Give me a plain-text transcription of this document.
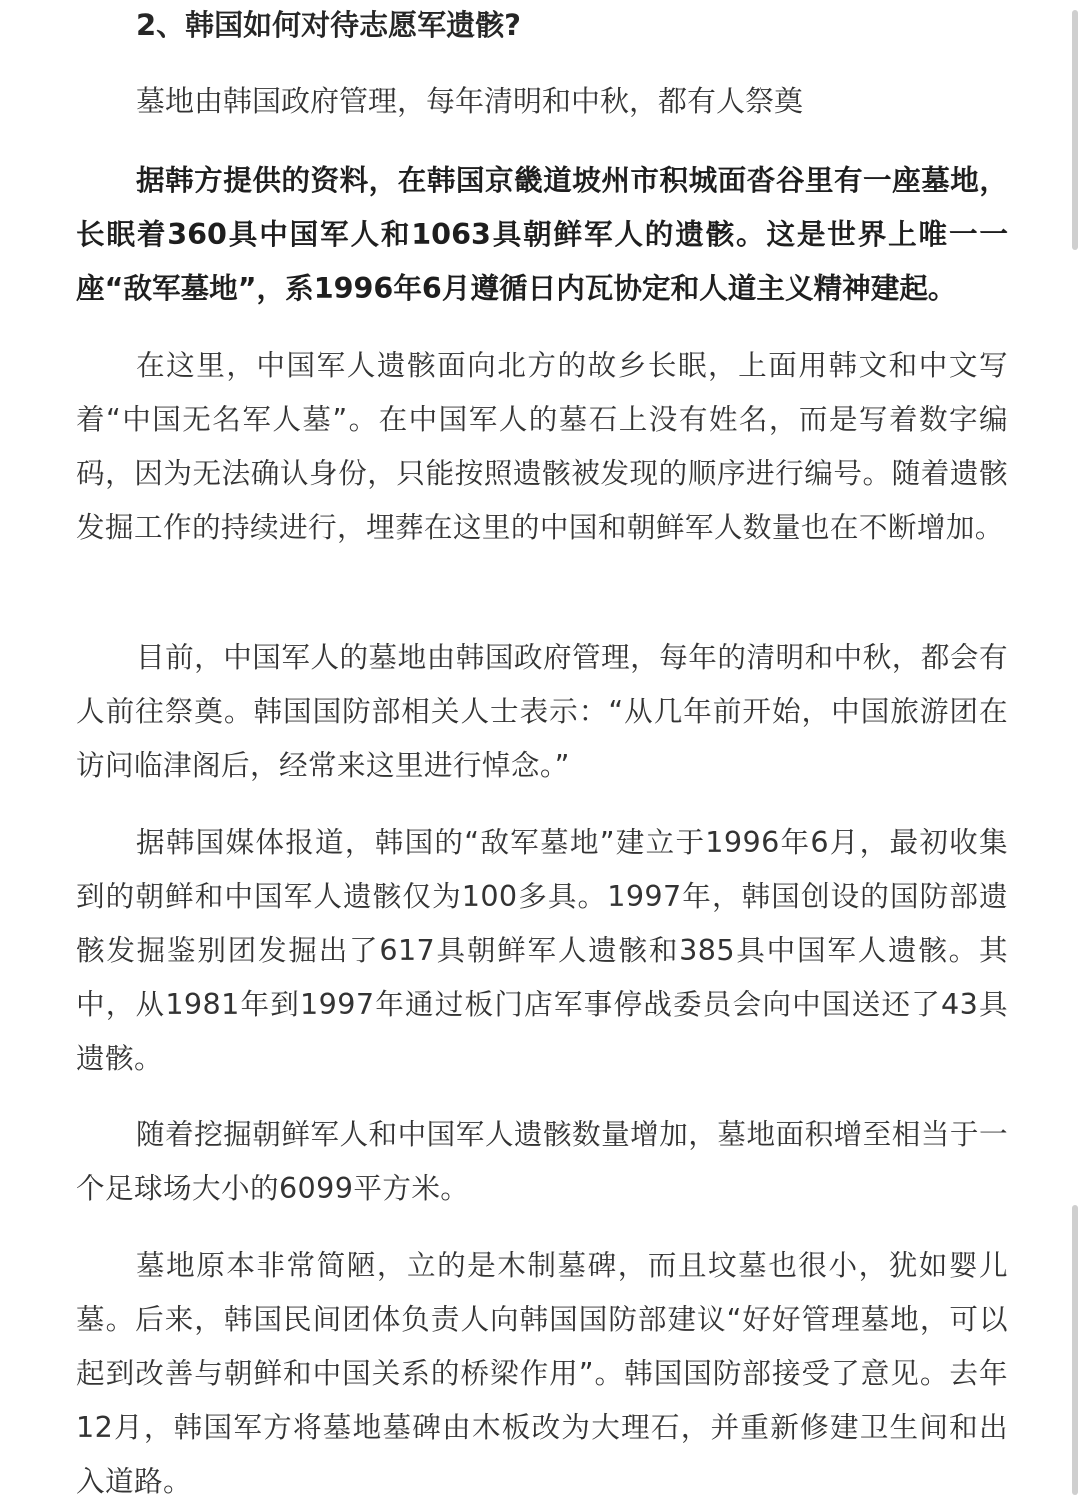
2、韩国如何对待志愿军遗骸?
墓地由韩国政府管理，每年清明和中秋，都有人祭奠

据韩方提供的资料，在韩国京畿道坡州市积城面沓谷里有一座墓地，长眠着360具中国军人和1063具朝鲜军人的遗骸。这是世界上唯一一座“敌军墓地”，系1996年6月遵循日内瓦协定和人道主义精神建起。

在这里，中国军人遗骸面向北方的故乡长眠，上面用韩文和中文写着“中国无名军人墓”。在中国军人的墓石上没有姓名，而是写着数字编码，因为无法确认身份，只能按照遗骸被发现的顺序进行编号。随着遗骸发掘工作的持续进行，埋葬在这里的中国和朝鲜军人数量也在不断增加。

目前，中国军人的墓地由韩国政府管理，每年的清明和中秋，都会有人前往祭奠。韩国国防部相关人士表示：“从几年前开始，中国旅游团在访问临津阁后，经常来这里进行悼念。”

据韩国媒体报道，韩国的“敌军墓地”建立于1996年6月，最初收集到的朝鲜和中国军人遗骸仅为100多具。1997年，韩国创设的国防部遗骸发掘鉴别团发掘出了617具朝鲜军人遗骸和385具中国军人遗骸。其中，从1981年到1997年通过板门店军事停战委员会向中国送还了43具遗骸。

随着挖掘朝鲜军人和中国军人遗骸数量增加，墓地面积增至相当于一个足球场大小的6099平方米。

墓地原本非常简陋，立的是木制墓碑，而且坟墓也很小，犹如婴儿墓。后来，韩国民间团体负责人向韩国国防部建议“好好管理墓地，可以起到改善与朝鲜和中国关系的桥梁作用”。韩国国防部接受了意见。去年12月，韩国军方将墓地墓碑由木板改为大理石，并重新修建卫生间和出入道路。
